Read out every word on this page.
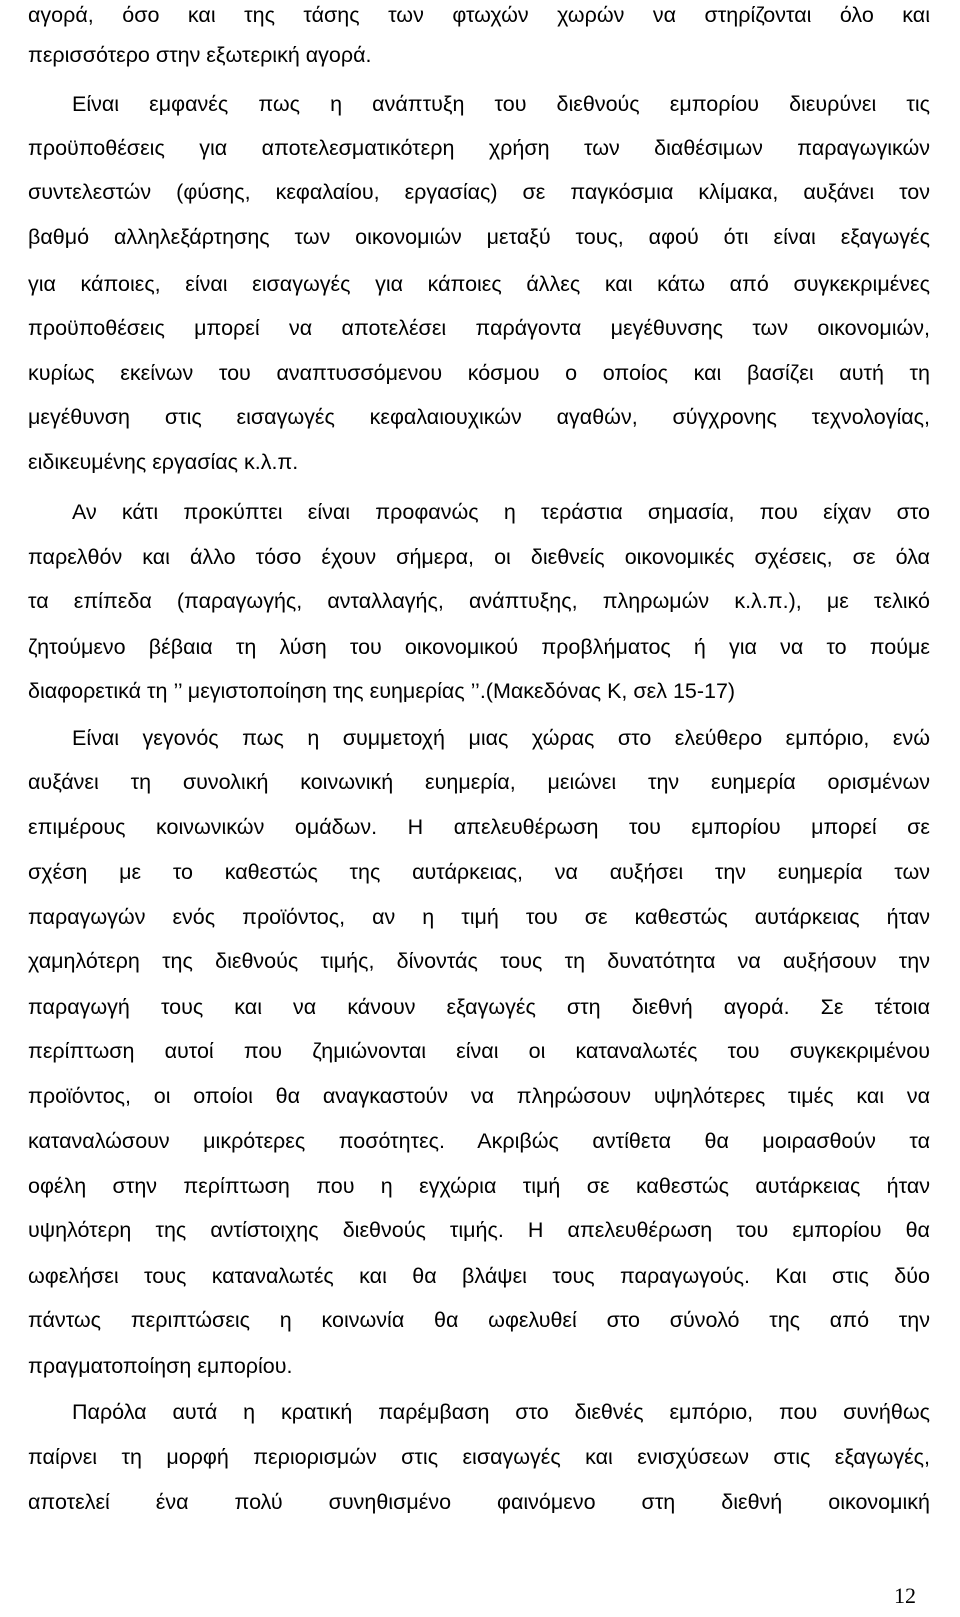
αγορά, όσο και της τάσης των φτωχών χωρών να στηρίζονται όλο και
περισσότερο στην εξωτερική αγορά.
Είναι εμφανές πως η ανάπτυξη του διεθνούς εμπορίου διευρύνει τις
προϋποθέσεις για αποτελεσματικότερη χρήση των διαθέσιμων παραγωγικών
συντελεστών (φύσης, κεφαλαίου, εργασίας) σε παγκόσμια κλίμακα, αυξάνει τον
βαθμό αλληλεξάρτησης των οικονομιών μεταξύ τους, αφού ότι είναι εξαγωγές
για κάποιες, είναι εισαγωγές για κάποιες άλλες και κάτω από συγκεκριμένες
προϋποθέσεις μπορεί να αποτελέσει παράγοντα μεγέθυνσης των οικονομιών,
κυρίως εκείνων του αναπτυσσόμενου κόσμου ο οποίος και βασίζει αυτή τη
μεγέθυνση στις εισαγωγές κεφαλαιουχικών αγαθών, σύγχρονης τεχνολογίας,
ειδικευμένης εργασίας κ.λ.π.
Αν κάτι προκύπτει είναι προφανώς η τεράστια σημασία, που είχαν στο
παρελθόν και άλλο τόσο έχουν σήμερα, οι διεθνείς οικονομικές σχέσεις, σε όλα
τα επίπεδα (παραγωγής, ανταλλαγής, ανάπτυξης, πληρωμών κ.λ.π.), με τελικό
ζητούμενο βέβαια τη λύση του οικονομικού προβλήματος ή για να το πούμε
διαφορετικά τη ’’ μεγιστοποίηση της ευημερίας ’’.(Μακεδόνας Κ, σελ 15-17)
Είναι γεγονός πως η συμμετοχή μιας χώρας στο ελεύθερο εμπόριο, ενώ
αυξάνει τη συνολική κοινωνική ευημερία, μειώνει την ευημερία ορισμένων
επιμέρους κοινωνικών ομάδων. Η απελευθέρωση του εμπορίου μπορεί σε
σχέση με το καθεστώς της αυτάρκειας, να αυξήσει την ευημερία των
παραγωγών ενός προϊόντος, αν η τιμή του σε καθεστώς αυτάρκειας ήταν
χαμηλότερη της διεθνούς τιμής, δίνοντάς τους τη δυνατότητα να αυξήσουν την
παραγωγή τους και να κάνουν εξαγωγές στη διεθνή αγορά. Σε τέτοια
περίπτωση αυτοί που ζημιώνονται είναι οι καταναλωτές του συγκεκριμένου
προϊόντος, οι οποίοι θα αναγκαστούν να πληρώσουν υψηλότερες τιμές και να
καταναλώσουν μικρότερες ποσότητες. Ακριβώς αντίθετα θα μοιρασθούν τα
οφέλη στην περίπτωση που η εγχώρια τιμή σε καθεστώς αυτάρκειας ήταν
υψηλότερη της αντίστοιχης διεθνούς τιμής. Η απελευθέρωση του εμπορίου θα
ωφελήσει τους καταναλωτές και θα βλάψει τους παραγωγούς. Και στις δύο
πάντως περιπτώσεις η κοινωνία θα ωφελυθεί στο σύνολό της από την
πραγματοποίηση εμπορίου.
Παρόλα αυτά η κρατική παρέμβαση στο διεθνές εμπόριο, που συνήθως
παίρνει τη μορφή περιορισμών στις εισαγωγές και ενισχύσεων στις εξαγωγές,
αποτελεί ένα πολύ συνηθισμένο φαινόμενο στη διεθνή οικονομική
12
